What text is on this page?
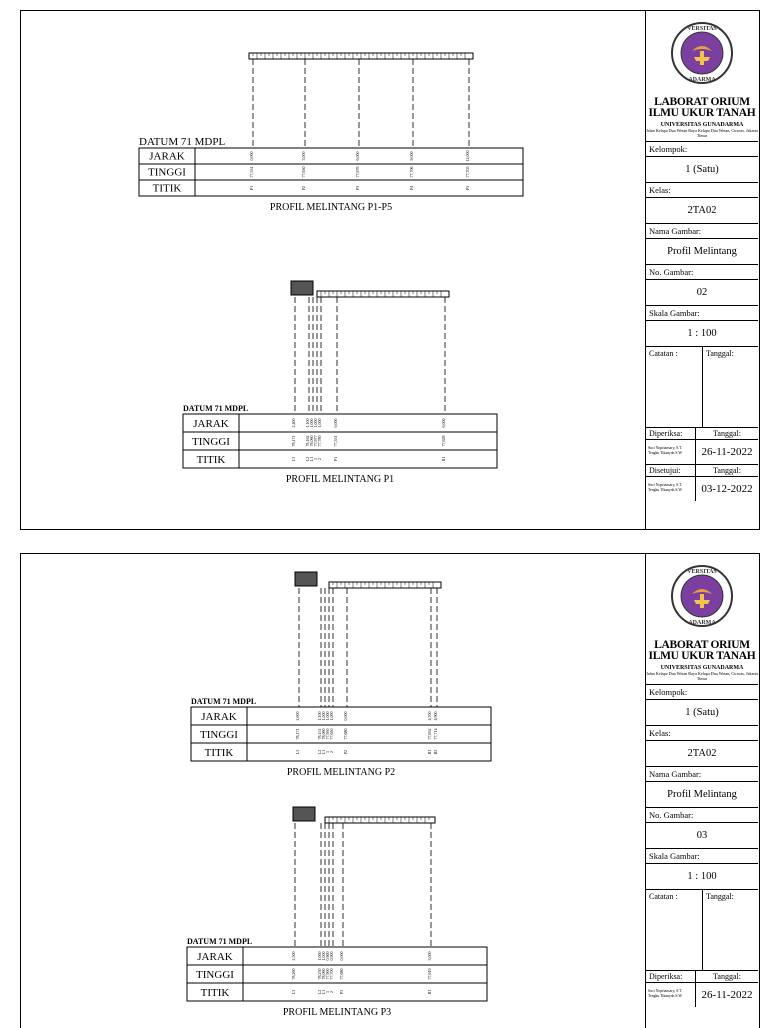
DATUM 71 MDPL
JARAK
TINGGI
TITIK
0,000	3,000	6,000	9,000	12,000
77,551	77,650	77,676	77,706	77,705
P1	P2	P3	P4	P5
PROFIL MELINTANG P1-P5
DATUM 71 MDPL
JARAK
TINGGI
TITIK
2,400 1,100 1,000 1,000 1,000	0,000	6,000
78,171 78,162 78,060 77,977 77,780	77,551	77,628
L3 L2 L1 1 2	P1	R1
PROFIL MELINTANG P1
VERSITAS
ADARMA
LABORAT ORIUM ILMU UKUR TANAH
UNIVERSITAS GUNADARMA
Jalan Kelapa Dua Wetan Raya Kelapa Dua Wetan, Ciracas, Jakarta Timur
Kelompok:
1 (Satu)
Kelas:
2TA02
Nama Gambar:
Profil Melintang
No. Gambar:
02
Skala Gambar:
1 : 100
Catatan :	Tanggal:
Diperiksa:	Tanggal:
Suci Nopriansary, S.T. Tengku Tikanyah S.W.	26-11-2022
Disetujui:	Tanggal:
Suci Nopriansary, S.T. Tengku Tikanyah S.W.	03-12-2022
DATUM 71 MDPL
JARAK
TINGGI
TITIK
2,600	1,100 1,000 1,000 1,000 0,000	4,700 4,900
78,171	78,151 78,060 77,950 77,650 77,680	77,652 77,714
L3	L2 L1 1 2 P2	R1 R2
PROFIL MELINTANG P2
DATUM 71 MDPL
JARAK
TINGGI
TITIK
2,500	1,000 1,000 0,900 0,900 0,000	3,000
78,260	78,230 78,060 77,900 77,700 77,680	77,619
L3	L2 L1 1 2 P3	R1
PROFIL MELINTANG P3
VERSITAS
ADARMA
LABORAT ORIUM ILMU UKUR TANAH
UNIVERSITAS GUNADARMA
Jalan Kelapa Dua Wetan Raya Kelapa Dua Wetan, Ciracas, Jakarta Timur
Kelompok:
1 (Satu)
Kelas:
2TA02
Nama Gambar:
Profil Melintang
No. Gambar:
03
Skala Gambar:
1 : 100
Catatan :	Tanggal:
Diperiksa:	Tanggal:
Suci Nopriansary, S.T. Tengku Tikanyah S.W.	26-11-2022
